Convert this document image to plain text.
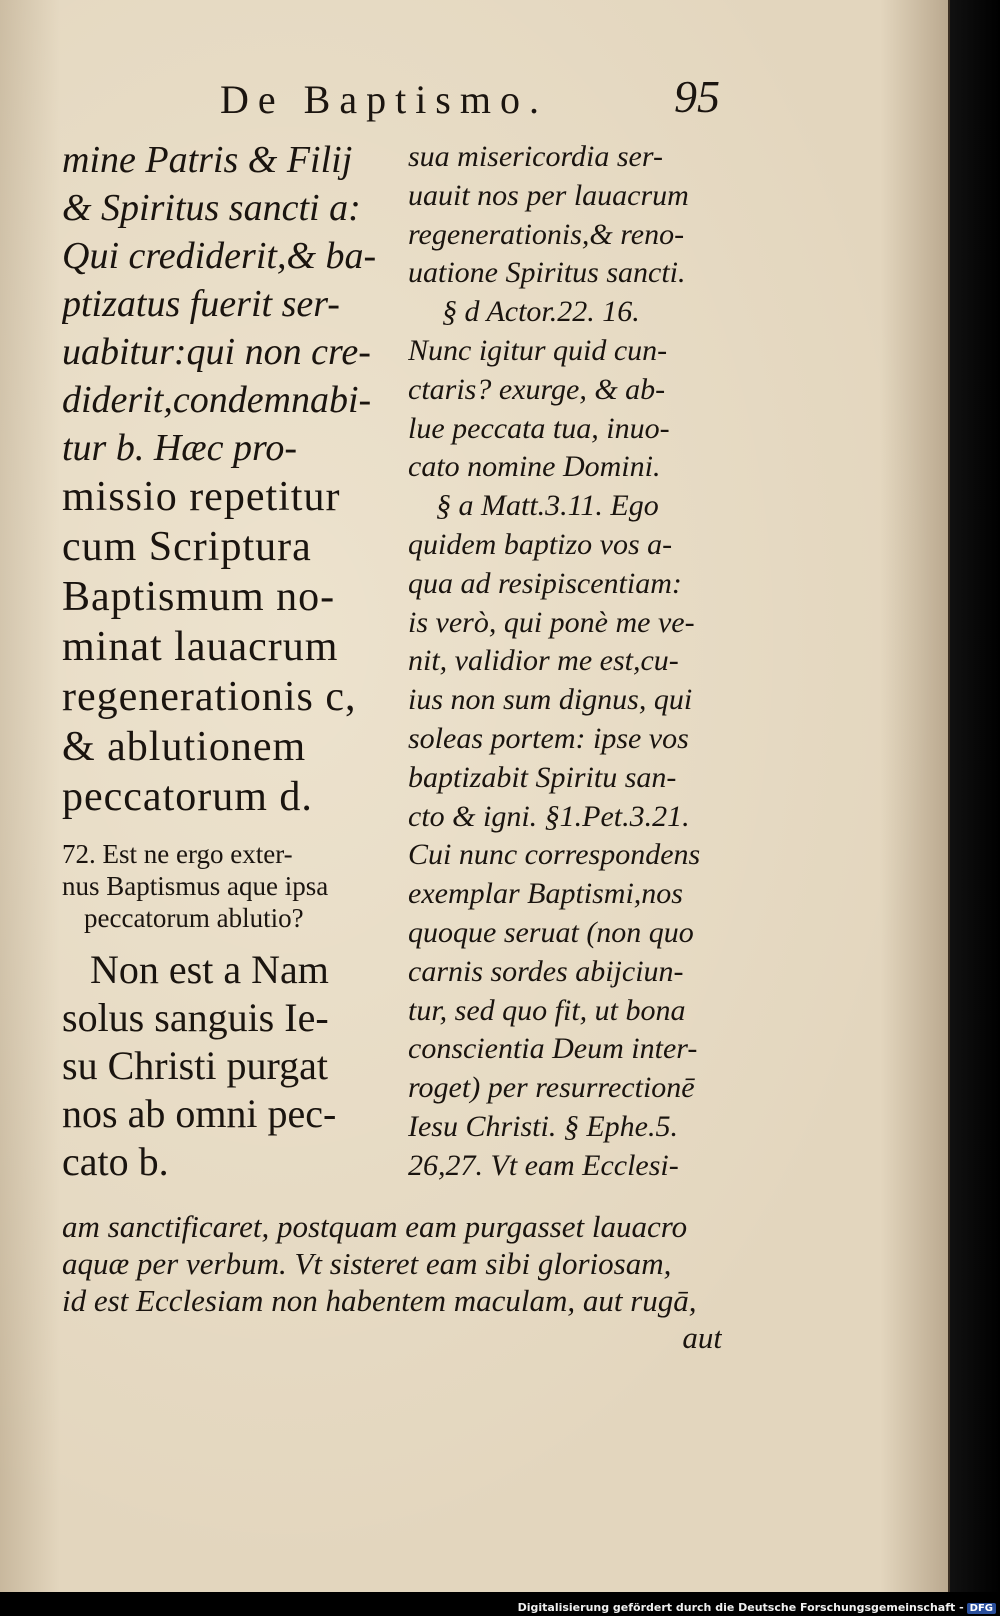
De Baptismo.	95
mine Patris & Filij
& Spiritus sancti a:
Qui crediderit,& ba-
ptizatus fuerit ser-
uabitur:qui non cre-
diderit,condemnabi-
tur b. Hæc pro-
missio repetitur
cum Scriptura
Baptismum no-
minat lauacrum
regenerationis c,
& ablutionem
peccatorum d.
72. Est ne ergo exter-
nus Baptismus aque ipsa
peccatorum ablutio?
Non est a Nam
solus sanguis Ie-
su Christi purgat
nos ab omni pec-
cato b.
sua misericordia ser-
uauit nos per lauacrum
regenerationis,& reno-
uatione Spiritus sancti.
§ d Actor.22. 16.
Nunc igitur quid cun-
ctaris? exurge, & ab-
lue peccata tua, inuo-
cato nomine Domini.
§ a Matt.3.11. Ego
quidem baptizo vos a-
qua ad resipiscentiam:
is verò, qui ponè me ve-
nit, validior me est,cu-
ius non sum dignus, qui
soleas portem: ipse vos
baptizabit Spiritu san-
cto & igni. §1.Pet.3.21.
Cui nunc correspondens
exemplar Baptismi,nos
quoque seruat (non quo
carnis sordes abijciun-
tur, sed quo fit, ut bona
conscientia Deum inter-
roget) per resurrectionē
Iesu Christi. § Ephe.5.
26,27. Vt eam Ecclesi-
am sanctificaret, postquam eam purgasset lauacro
aquæ per verbum. Vt sisteret eam sibi gloriosam,
id est Ecclesiam non habentem maculam, aut rugā,
aut
Digitalisierung gefördert durch die Deutsche Forschungsgemeinschaft - DFG
